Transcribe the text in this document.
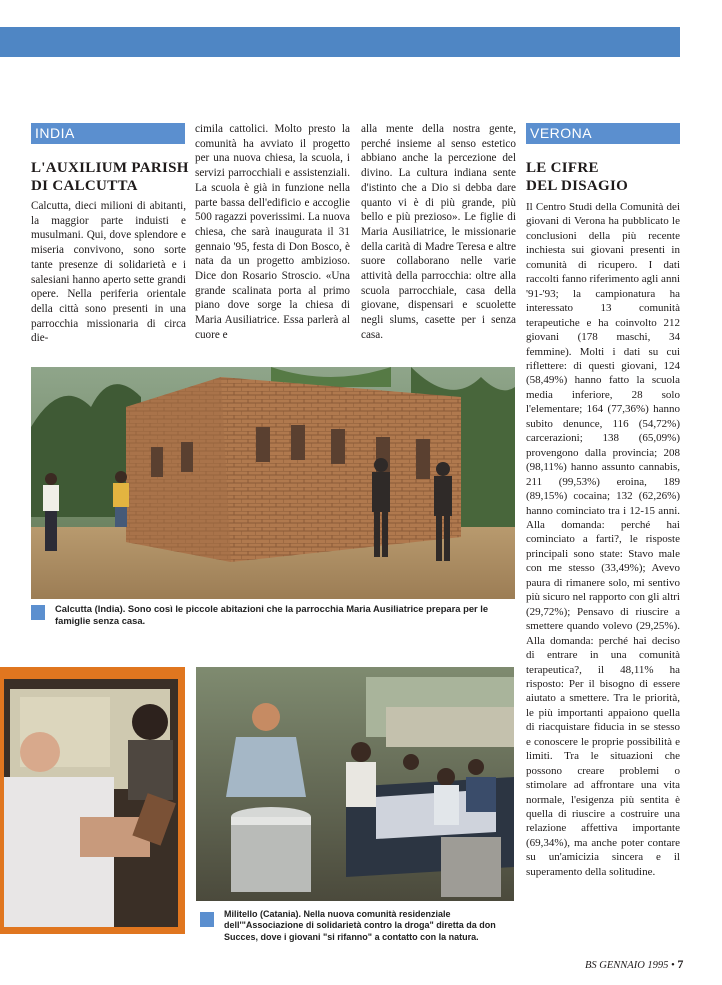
INDIA
L'AUXILIUM PARISH
DI CALCUTTA

Calcutta, dieci milioni di abitanti, la maggior parte induisti e musulmani. Qui, dove splendore e miseria convivono, sono sorte tante presenze di solidarietà e i salesiani hanno aperto sette grandi opere. Nella periferia orientale della città sono presenti in una parrocchia missionaria di circa die-

cimila cattolici. Molto presto la comunità ha avviato il progetto per una nuova chiesa, la scuola, i servizi parrocchiali e assistenziali. La scuola è già in funzione nella parte bassa dell'edificio e accoglie 500 ragazzi poverissimi. La nuova chiesa, che sarà inaugurata il 31 gennaio '95, festa di Don Bosco, è nata da un progetto ambizioso. Dice don Rosario Stroscio. «Una grande scalinata porta al primo piano dove sorge la chiesa di Maria Ausiliatrice. Essa parlerà al cuore e

alla mente della nostra gente, perché insieme al senso estetico abbiano anche la percezione del divino. La cultura indiana sente d'istinto che a Dio si debba dare quanto vi è di più grande, più bello e più prezioso». Le figlie di Maria Ausiliatrice, le missionarie della carità di Madre Teresa e altre suore collaborano nelle varie attività della parrocchia: oltre alla scuola parrocchiale, casa della giovane, dispensari e scuolette negli slums, casette per i senza casa.

Calcutta (India). Sono così le piccole abitazioni che la parrocchia Maria Ausiliatrice prepara per le famiglie senza casa.
Militello (Catania). Nella nuova comunità residenziale dell'"Associazione di solidarietà contro la droga" diretta da don Succes, dove i giovani "si rifanno" a contatto con la natura.
VERONA
LE CIFRE
DEL DISAGIO

Il Centro Studi della Comunità dei giovani di Verona ha pubblicato le conclusioni della più recente inchiesta sui giovani presenti in comunità di ricupero. I dati raccolti fanno riferimento agli anni '91-'93; la campionatura ha interessato 13 comunità terapeutiche e ha coinvolto 212 giovani (178 maschi, 34 femmine). Molti i dati su cui riflettere: di questi giovani, 124 (58,49%) hanno fatto la scuola media inferiore, 28 solo l'elementare; 164 (77,36%) hanno subito denunce, 116 (54,72%) carcerazioni; 138 (65,09%) provengono dalla provincia; 208 (98,11%) hanno assunto cannabis, 211 (99,53%) eroina, 189 (89,15%) cocaina; 132 (62,26%) hanno cominciato tra i 12-15 anni. Alla domanda: perché hai cominciato a farti?, le risposte principali sono state: Stavo male con me stesso (33,49%); Avevo paura di rimanere solo, mi sentivo più sicuro nel rapporto con gli altri (29,72%); Pensavo di riuscire a smettere quando volevo (29,25%). Alla domanda: perché hai deciso di entrare in una comunità terapeutica?, il 48,11% ha risposto: Per il bisogno di essere aiutato a smettere. Tra le priorità, le più importanti appaiono quella di riacquistare fiducia in se stesso e conoscere le proprie possibilità e limiti. Tra le situazioni che possono creare problemi o stimolare ad affrontare una vita normale, l'esigenza più sentita è quella di riuscire a costruire una relazione affettiva importante (69,34%), ma anche poter contare su un'amicizia sincera e il superamento della solitudine.

BS GENNAIO 1995 • 7
